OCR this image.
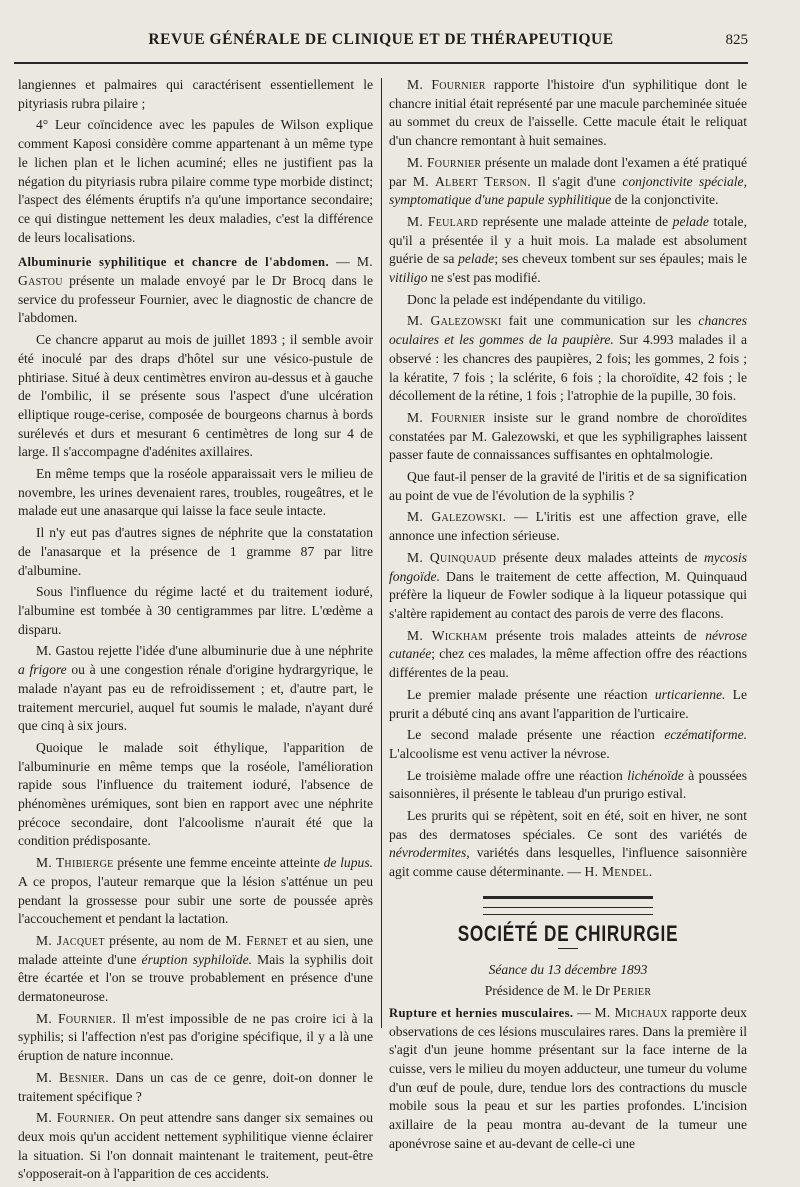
REVUE GÉNÉRALE DE CLINIQUE ET DE THÉRAPEUTIQUE	825

langiennes et palmaires qui caractérisent essentiellement le pityriasis rubra pilaire ;

4° Leur coïncidence avec les papules de Wilson explique comment Kaposi considère comme appartenant à un même type le lichen plan et le lichen acuminé; elles ne justifient pas la négation du pityriasis rubra pilaire comme type morbide distinct; l'aspect des éléments éruptifs n'a qu'une importance secondaire; ce qui distingue nettement les deux maladies, c'est la différence de leurs localisations.

Albuminurie syphilitique et chancre de l'abdomen. — M. Gastou présente un malade envoyé par le Dr Brocq dans le service du professeur Fournier, avec le diagnostic de chancre de l'abdomen.

Ce chancre apparut au mois de juillet 1893 ; il semble avoir été inoculé par des draps d'hôtel sur une vésico-pustule de phtiriase. Situé à deux centimètres environ au-dessus et à gauche de l'ombilic, il se présente sous l'aspect d'une ulcération elliptique rouge-cerise, composée de bourgeons charnus à bords surélevés et durs et mesurant 6 centimètres de long sur 4 de large. Il s'accompagne d'adénites axillaires.

En même temps que la roséole apparaissait vers le milieu de novembre, les urines devenaient rares, troubles, rougeâtres, et le malade eut une anasarque qui laisse la face seule intacte.

Il n'y eut pas d'autres signes de néphrite que la constatation de l'anasarque et la présence de 1 gramme 87 par litre d'albumine.

Sous l'influence du régime lacté et du traitement ioduré, l'albumine est tombée à 30 centigrammes par litre. L'œdème a disparu.

M. Gastou rejette l'idée d'une albuminurie due à une néphrite a frigore ou à une congestion rénale d'origine hydrargyrique, le malade n'ayant pas eu de refroidissement ; et, d'autre part, le traitement mercuriel, auquel fut soumis le malade, n'ayant duré que cinq à six jours.

Quoique le malade soit éthylique, l'apparition de l'albuminurie en même temps que la roséole, l'amélioration rapide sous l'influence du traitement ioduré, l'absence de phénomènes urémiques, sont bien en rapport avec une néphrite précoce secondaire, dont l'alcoolisme n'aurait été que la condition prédisposante.

M. Thibierge présente une femme enceinte atteinte de lupus. A ce propos, l'auteur remarque que la lésion s'atténue un peu pendant la grossesse pour subir une sorte de poussée après l'accouchement et pendant la lactation.

M. Jacquet présente, au nom de M. Fernet et au sien, une malade atteinte d'une éruption syphiloïde. Mais la syphilis doit être écartée et l'on se trouve probablement en présence d'une dermatoneurose.

M. Fournier. Il m'est impossible de ne pas croire ici à la syphilis; si l'affection n'est pas d'origine spécifique, il y a là une éruption de nature inconnue.

M. Besnier. Dans un cas de ce genre, doit-on donner le traitement spécifique ?

M. Fournier. On peut attendre sans danger six semaines ou deux mois qu'un accident nettement syphilitique vienne éclairer la situation. Si l'on donnait maintenant le traitement, peut-être s'opposerait-on à l'apparition de ces accidents.

M. Fournier rapporte l'histoire d'un syphilitique dont le chancre initial était représenté par une macule parcheminée située au sommet du creux de l'aisselle. Cette macule était le reliquat d'un chancre remontant à huit semaines.

M. Fournier présente un malade dont l'examen a été pratiqué par M. Albert Terson. Il s'agit d'une conjonctivite spéciale, symptomatique d'une papule syphilitique de la conjonctivite.

M. Feulard représente une malade atteinte de pelade totale, qu'il a présentée il y a huit mois. La malade est absolument guérie de sa pelade; ses cheveux tombent sur ses épaules; mais le vitiligo ne s'est pas modifié.

Donc la pelade est indépendante du vitiligo.

M. Galezowski fait une communication sur les chancres oculaires et les gommes de la paupière. Sur 4.993 malades il a observé : les chancres des paupières, 2 fois; les gommes, 2 fois ; la kératite, 7 fois ; la sclérite, 6 fois ; la choroïdite, 42 fois ; le décollement de la rétine, 1 fois ; l'atrophie de la pupille, 30 fois.

M. Fournier insiste sur le grand nombre de choroïdites constatées par M. Galezowski, et que les syphiligraphes laissent passer faute de connaissances suffisantes en ophtalmologie.

Que faut-il penser de la gravité de l'iritis et de sa signification au point de vue de l'évolution de la syphilis ?

M. Galezowski. — L'iritis est une affection grave, elle annonce une infection sérieuse.

M. Quinquaud présente deux malades atteints de mycosis fongoïde. Dans le traitement de cette affection, M. Quinquaud préfère la liqueur de Fowler sodique à la liqueur potassique qui s'altère rapidement au contact des parois de verre des flacons.

M. Wickham présente trois malades atteints de névrose cutanée; chez ces malades, la même affection offre des réactions différentes de la peau.

Le premier malade présente une réaction urticarienne. Le prurit a débuté cinq ans avant l'apparition de l'urticaire.

Le second malade présente une réaction eczématiforme. L'alcoolisme est venu activer la névrose.

Le troisième malade offre une réaction lichénoïde à poussées saisonnières, il présente le tableau d'un prurigo estival.

Les prurits qui se répètent, soit en été, soit en hiver, ne sont pas des dermatoses spéciales. Ce sont des variétés de névrodermites, variétés dans lesquelles, l'influence saisonnière agit comme cause déterminante. — H. Mendel.

SOCIÉTÉ DE CHIRURGIE

Séance du 13 décembre 1893

Présidence de M. le Dr Perier

Rupture et hernies musculaires. — M. Michaux rapporte deux observations de ces lésions musculaires rares. Dans la première il s'agit d'un jeune homme présentant sur la face interne de la cuisse, vers le milieu du moyen adducteur, une tumeur du volume d'un œuf de poule, dure, tendue lors des contractions du muscle mobile sous la peau et sur les parties profondes. L'incision axillaire de la peau montra au-devant de la tumeur une aponévrose saine et au-devant de celle-ci une
